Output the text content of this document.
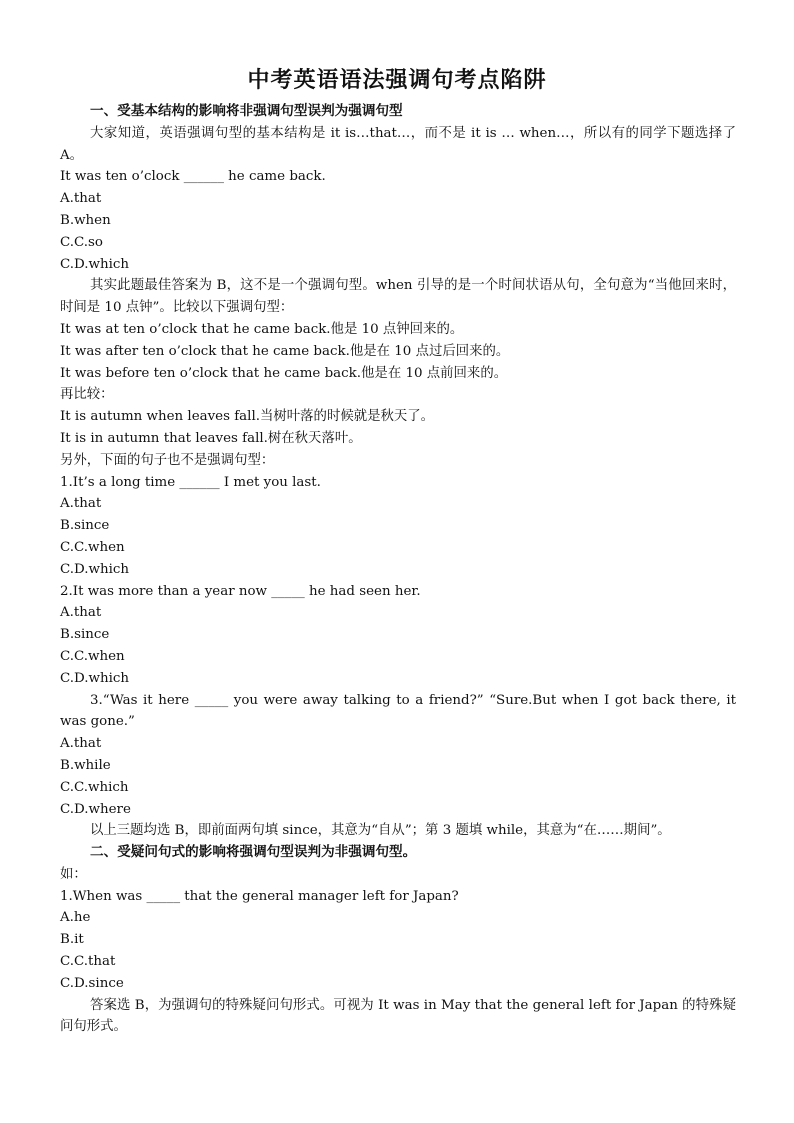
中考英语语法强调句考点陷阱

一、受基本结构的影响将非强调句型误判为强调句型

大家知道，英语强调句型的基本结构是 it is…that…，而不是 it is … when…，所以有的同学下题选择了 A。

It was ten o’clock ______ he came back.

A.that

B.when

C.C.so

C.D.which

其实此题最佳答案为 B，这不是一个强调句型。when 引导的是一个时间状语从句，全句意为“当他回来时，时间是 10 点钟”。比较以下强调句型：

It was at ten o’clock that he came back.他是 10 点钟回来的。

It was after ten o’clock that he came back.他是在 10 点过后回来的。

It was before ten o’clock that he came back.他是在 10 点前回来的。

再比较：

It is autumn when leaves fall.当树叶落的时候就是秋天了。

It is in autumn that leaves fall.树在秋天落叶。

另外，下面的句子也不是强调句型：

1.It’s a long time ______ I met you last.

A.that

B.since

C.C.when

C.D.which

2.It was more than a year now _____ he had seen her.

A.that

B.since

C.C.when

C.D.which

3.“Was it here _____ you were away talking to a friend?” “Sure.But when I got back there, it was gone.”

A.that

B.while

C.C.which

C.D.where

以上三题均选 B，即前面两句填 since，其意为“自从”；第 3 题填 while，其意为“在……期间”。

二、受疑问句式的影响将强调句型误判为非强调句型。

如：

1.When was _____ that the general manager left for Japan?

A.he

B.it

C.C.that

C.D.since

答案选 B，为强调句的特殊疑问句形式。可视为 It was in May that the general left for Japan 的特殊疑问句形式。
